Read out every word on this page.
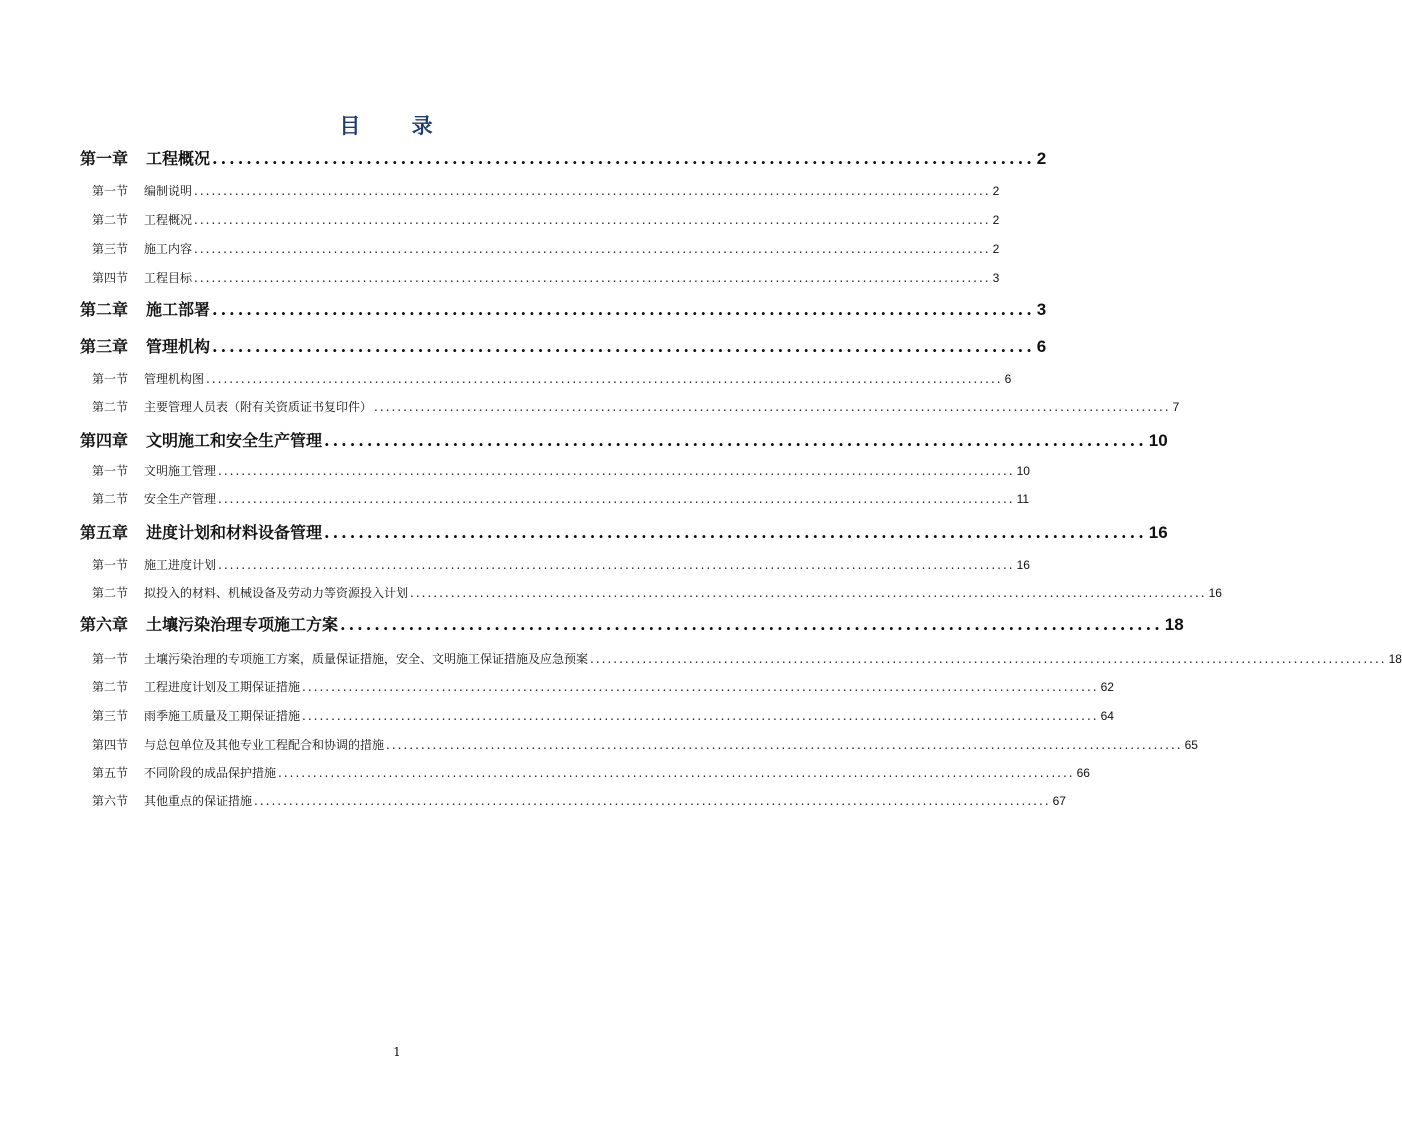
目 录
第一章	工程概况 ................................................................................................ 2
第一节	编制说明 ......................................................................................................................................... 2
第二节	工程概况 ......................................................................................................................................... 2
第三节	施工内容 ......................................................................................................................................... 2
第四节	工程目标 ......................................................................................................................................... 3
第二章	施工部署 ................................................................................................ 3
第三章	管理机构 ................................................................................................ 6
第一节	管理机构图 ......................................................................................................................................... 6
第二节	主要管理人员表（附有关资质证书复印件） ......................................................................................................................................... 7
第四章	文明施工和安全生产管理 ................................................................................................ 10
第一节	文明施工管理 ......................................................................................................................................... 10
第二节	安全生产管理 ......................................................................................................................................... 11
第五章	进度计划和材料设备管理 ................................................................................................ 16
第一节	施工进度计划 ......................................................................................................................................... 16
第二节	拟投入的材料、机械设备及劳动力等资源投入计划 ......................................................................................................................................... 16
第六章	土壤污染治理专项施工方案 ................................................................................................ 18
第一节	土壤污染治理的专项施工方案，质量保证措施，安全、文明施工保证措施及应急预案 ......................................................................................................................................... 18
第二节	工程进度计划及工期保证措施 ......................................................................................................................................... 62
第三节	雨季施工质量及工期保证措施 ......................................................................................................................................... 64
第四节	与总包单位及其他专业工程配合和协调的措施 ......................................................................................................................................... 65
第五节	不同阶段的成品保护措施 ......................................................................................................................................... 66
第六节	其他重点的保证措施 ......................................................................................................................................... 67
1
